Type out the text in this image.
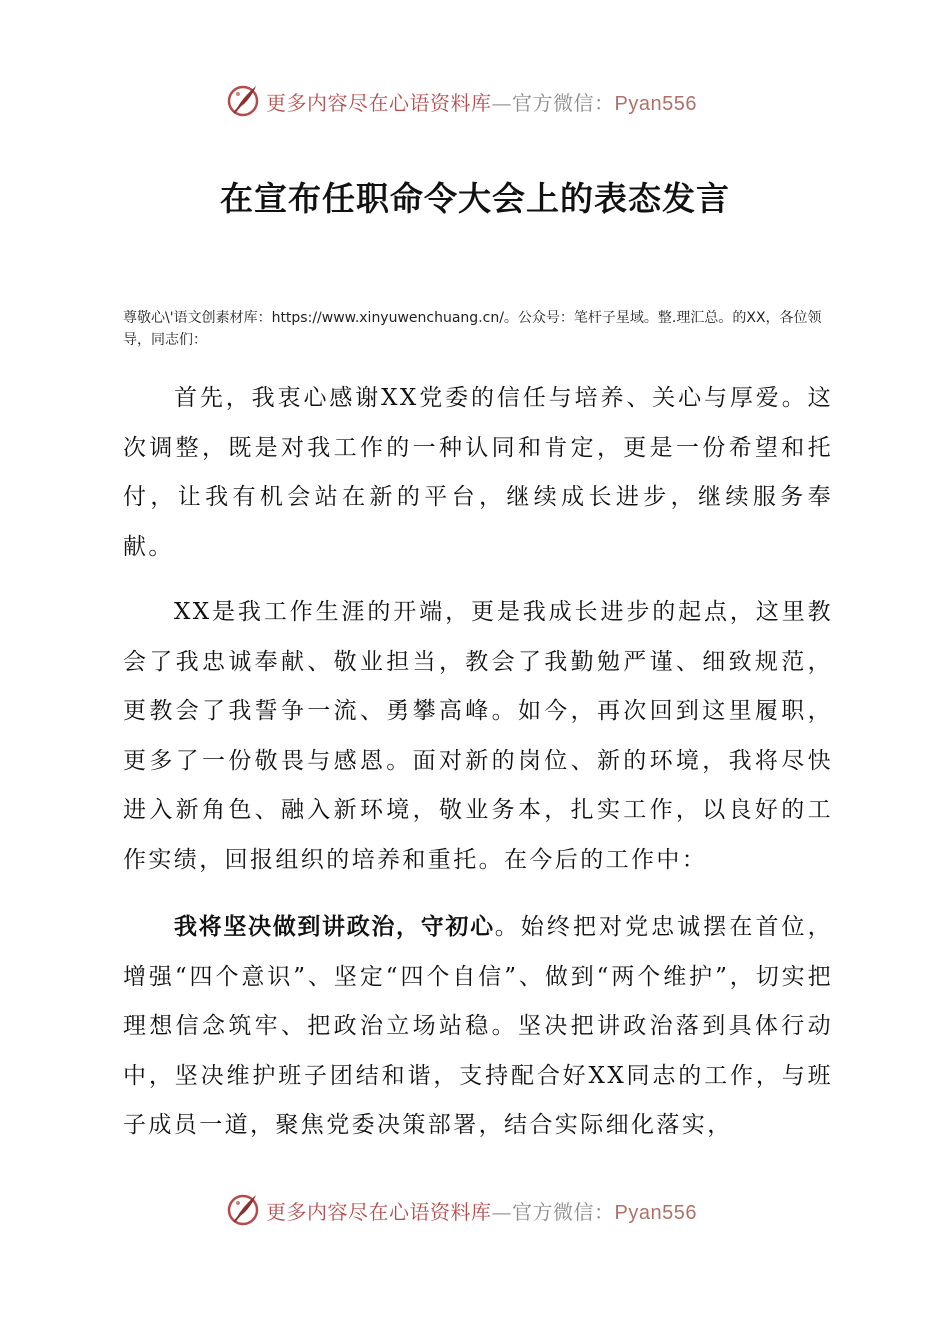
更多内容尽在心语资料库—官方微信：Pyan556
在宣布任职命令大会上的表态发言

尊敬心\'语文创素材库：https://www.xinyuwenchuang.cn/。公众号：笔杆子星域。整.理汇总。的XX，各位领导，同志们：

首先，我衷心感谢XX党委的信任与培养、关心与厚爱。这次调整，既是对我工作的一种认同和肯定，更是一份希望和托付，让我有机会站在新的平台，继续成长进步，继续服务奉献。

XX是我工作生涯的开端，更是我成长进步的起点，这里教会了我忠诚奉献、敬业担当，教会了我勤勉严谨、细致规范，更教会了我誓争一流、勇攀高峰。如今，再次回到这里履职，更多了一份敬畏与感恩。面对新的岗位、新的环境，我将尽快进入新角色、融入新环境，敬业务本，扎实工作，以良好的工作实绩，回报组织的培养和重托。在今后的工作中：

我将坚决做到讲政治，守初心。始终把对党忠诚摆在首位，增强“四个意识”、坚定“四个自信”、做到“两个维护”，切实把理想信念筑牢、把政治立场站稳。坚决把讲政治落到具体行动中，坚决维护班子团结和谐，支持配合好XX同志的工作，与班子成员一道，聚焦党委决策部署，结合实际细化落实，

更多内容尽在心语资料库—官方微信：Pyan556
